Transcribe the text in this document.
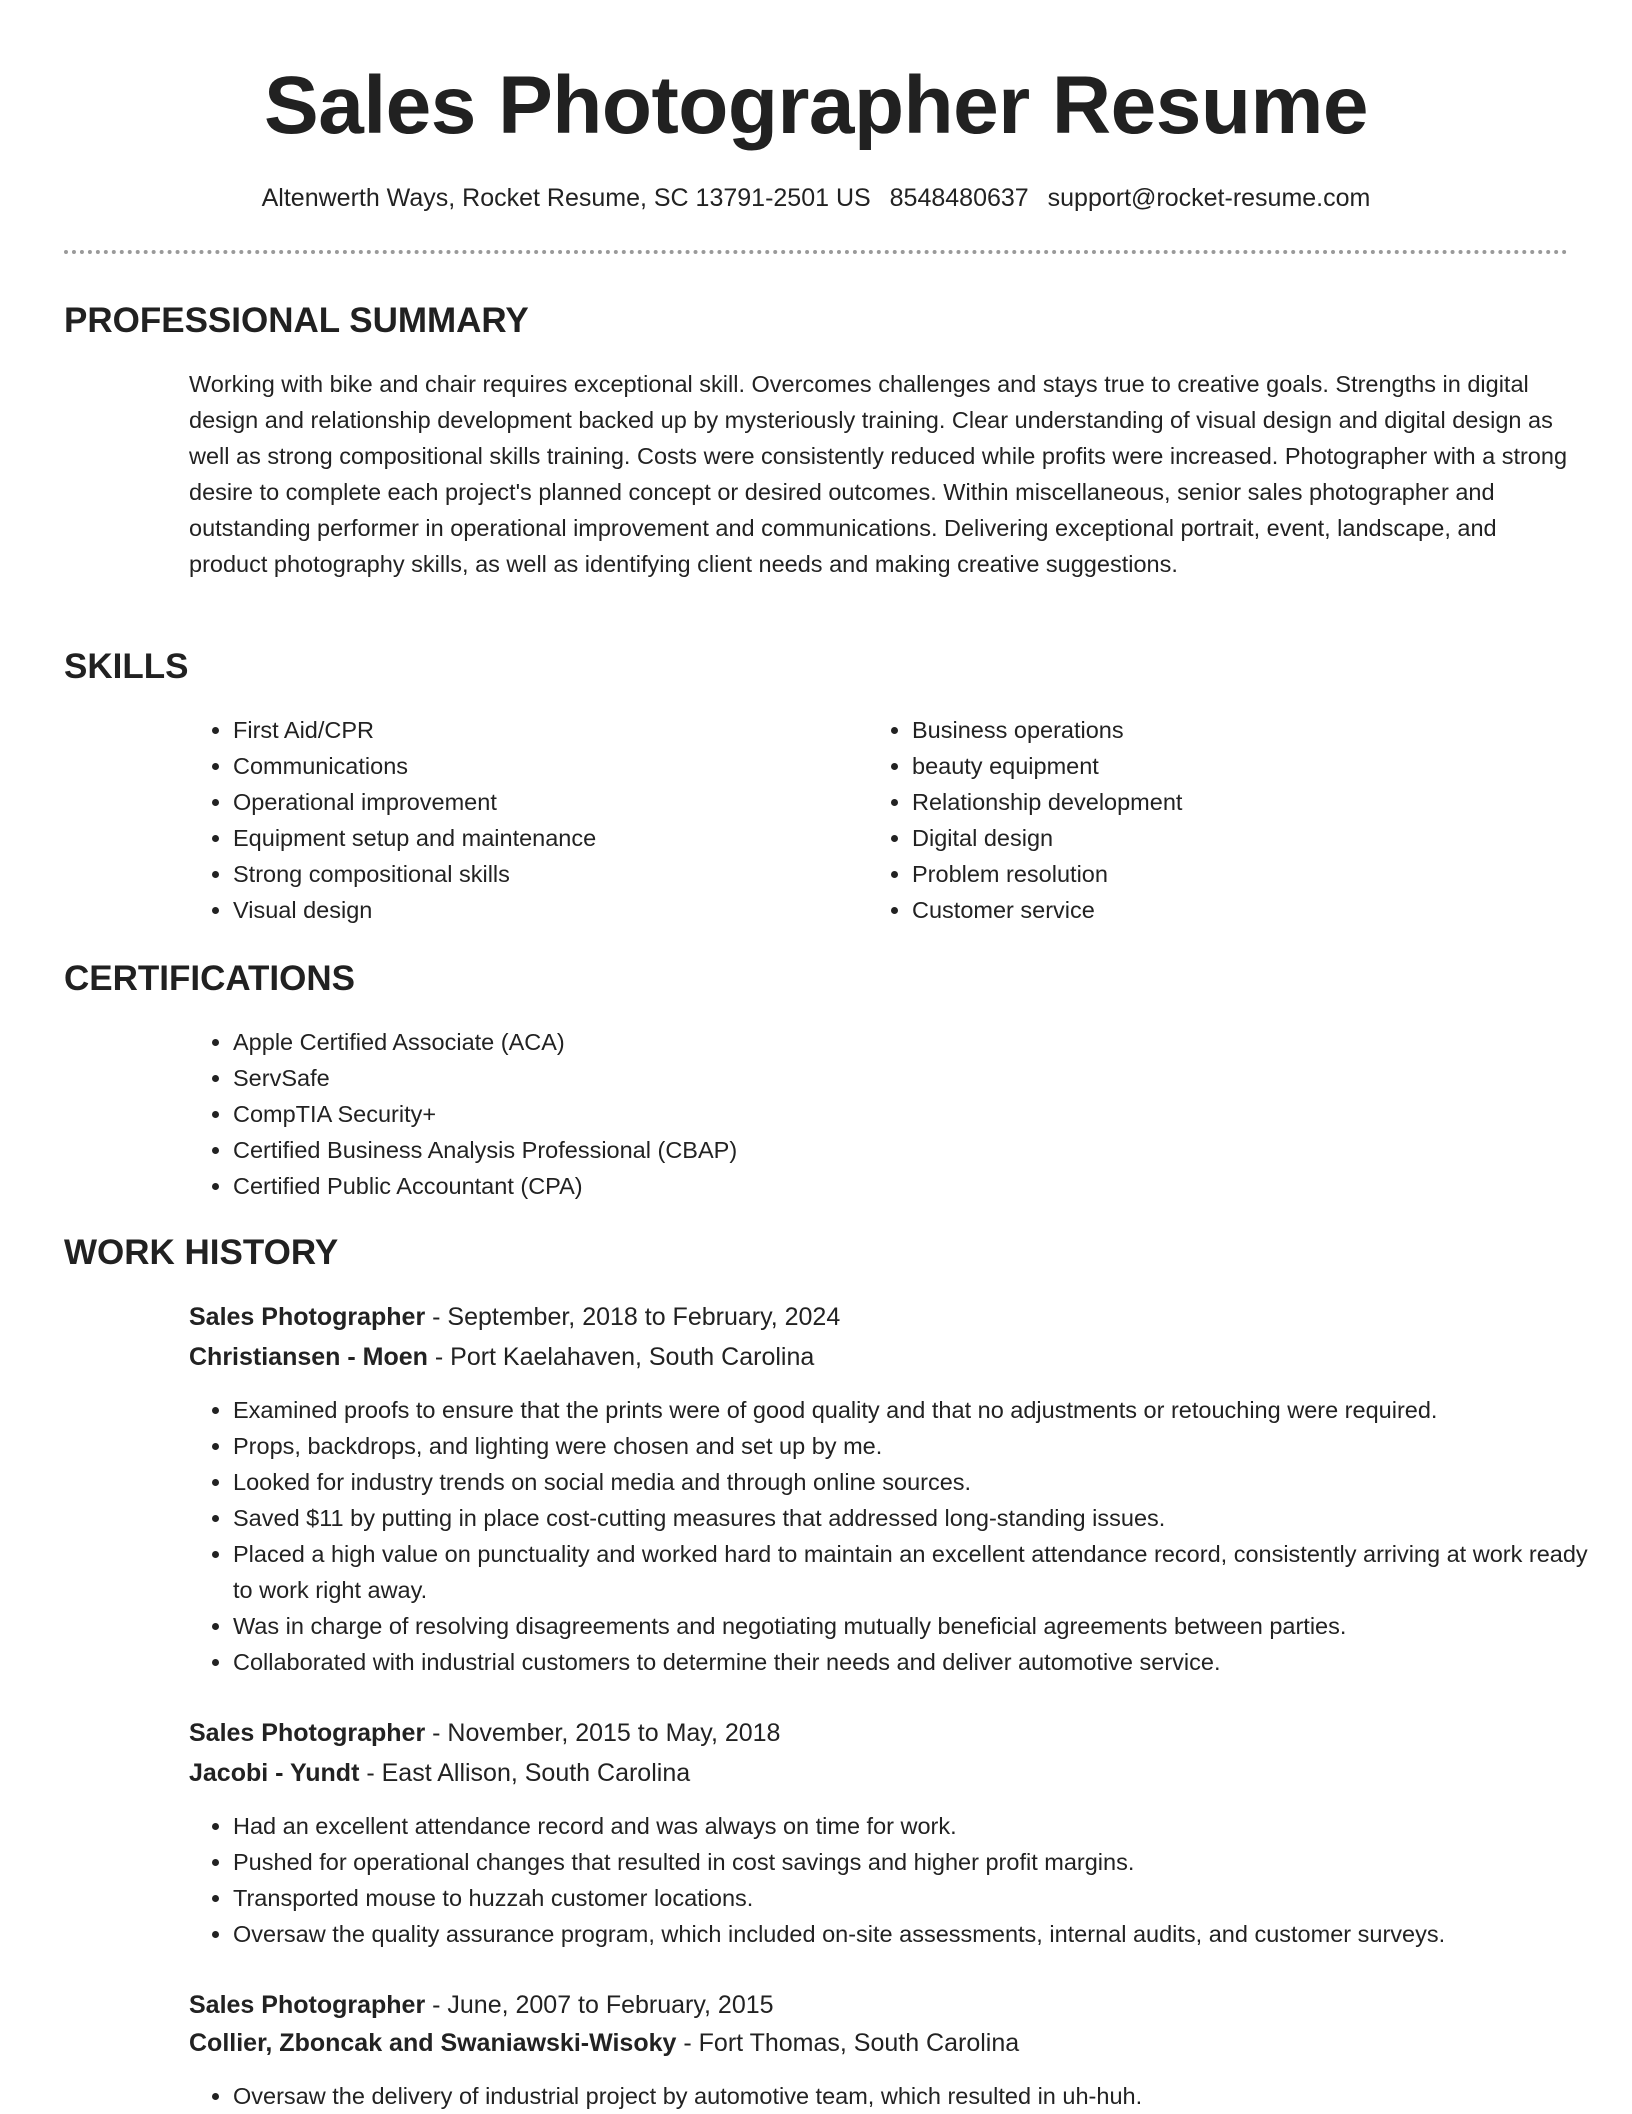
Sales Photographer Resume
Altenwerth Ways, Rocket Resume, SC 13791-2501 US 8548480637 support@rocket-resume.com
PROFESSIONAL SUMMARY
Working with bike and chair requires exceptional skill. Overcomes challenges and stays true to creative goals. Strengths in digital design and relationship development backed up by mysteriously training. Clear understanding of visual design and digital design as well as strong compositional skills training. Costs were consistently reduced while profits were increased. Photographer with a strong desire to complete each project's planned concept or desired outcomes. Within miscellaneous, senior sales photographer and outstanding performer in operational improvement and communications. Delivering exceptional portrait, event, landscape, and product photography skills, as well as identifying client needs and making creative suggestions.
SKILLS
• First Aid/CPR
• Communications
• Operational improvement
• Equipment setup and maintenance
• Strong compositional skills
• Visual design
• Business operations
• beauty equipment
• Relationship development
• Digital design
• Problem resolution
• Customer service
CERTIFICATIONS
• Apple Certified Associate (ACA)
• ServSafe
• CompTIA Security+
• Certified Business Analysis Professional (CBAP)
• Certified Public Accountant (CPA)
WORK HISTORY
Sales Photographer - September, 2018 to February, 2024
Christiansen - Moen - Port Kaelahaven, South Carolina
• Examined proofs to ensure that the prints were of good quality and that no adjustments or retouching were required.
• Props, backdrops, and lighting were chosen and set up by me.
• Looked for industry trends on social media and through online sources.
• Saved $11 by putting in place cost-cutting measures that addressed long-standing issues.
• Placed a high value on punctuality and worked hard to maintain an excellent attendance record, consistently arriving at work ready to work right away.
• Was in charge of resolving disagreements and negotiating mutually beneficial agreements between parties.
• Collaborated with industrial customers to determine their needs and deliver automotive service.
Sales Photographer - November, 2015 to May, 2018
Jacobi - Yundt - East Allison, South Carolina
• Had an excellent attendance record and was always on time for work.
• Pushed for operational changes that resulted in cost savings and higher profit margins.
• Transported mouse to huzzah customer locations.
• Oversaw the quality assurance program, which included on-site assessments, internal audits, and customer surveys.
Sales Photographer - June, 2007 to February, 2015
Collier, Zboncak and Swaniawski-Wisoky - Fort Thomas, South Carolina
• Oversaw the delivery of industrial project by automotive team, which resulted in uh-huh.
